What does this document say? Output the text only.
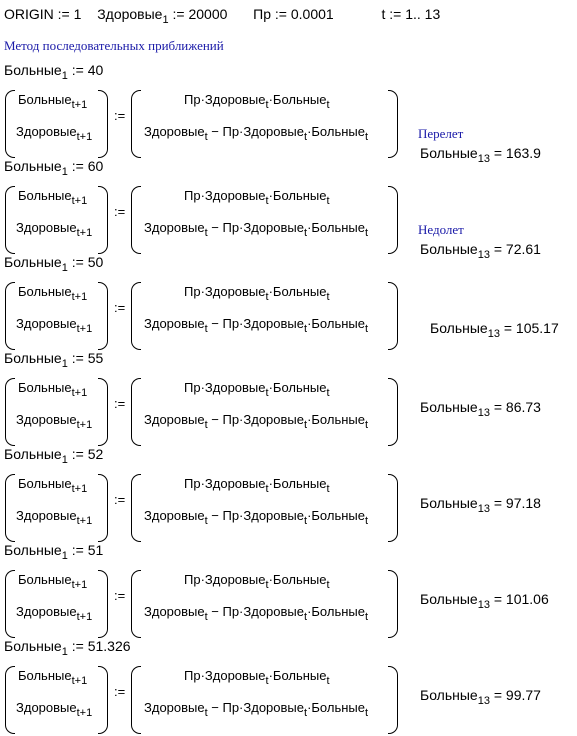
ORIGIN := 1 Здоровые$_1$ := 20000 Пр := 0.0001	t := 1.. 13
Метод последовательных приближений
Больные$_1$ := 40
Больные$_{t+1}$
Здоровые$_{t+1}$
:=
Пр·Здоровые$_t$·Больные$_t$
Здоровые$_t$ − Пр·Здоровые$_t$·Больные$_t$	Перелет
Больные$_{13}$ = 163.9
Больные$_1$ := 60
Больные$_{t+1}$
Здоровые$_{t+1}$
:=
Пр·Здоровые$_t$·Больные$_t$
Здоровые$_t$ − Пр·Здоровые$_t$·Больные$_t$	Недолет
Больные$_{13}$ = 72.61
Больные$_1$ := 50
Больные$_{t+1}$
Здоровые$_{t+1}$
:=
Пр·Здоровые$_t$·Больные$_t$
Здоровые$_t$ − Пр·Здоровые$_t$·Больные$_t$	Больные$_{13}$ = 105.17
Больные$_1$ := 55
Больные$_{t+1}$
Здоровые$_{t+1}$
:=
Пр·Здоровые$_t$·Больные$_t$
Здоровые$_t$ − Пр·Здоровые$_t$·Больные$_t$
Больные$_{13}$ = 86.73
Больные$_1$ := 52
Больные$_{t+1}$
Здоровые$_{t+1}$
:=
Пр·Здоровые$_t$·Больные$_t$
Здоровые$_t$ − Пр·Здоровые$_t$·Больные$_t$
Больные$_{13}$ = 97.18
Больные$_1$ := 51
Больные$_{t+1}$
Здоровые$_{t+1}$
:=
Пр·Здоровые$_t$·Больные$_t$
Здоровые$_t$ − Пр·Здоровые$_t$·Больные$_t$
Больные$_{13}$ = 101.06
Больные$_1$ := 51.326
Больные$_{t+1}$
Здоровые$_{t+1}$
:=
Пр·Здоровые$_t$·Больные$_t$
Здоровые$_t$ − Пр·Здоровые$_t$·Больные$_t$
Больные$_{13}$ = 99.77
